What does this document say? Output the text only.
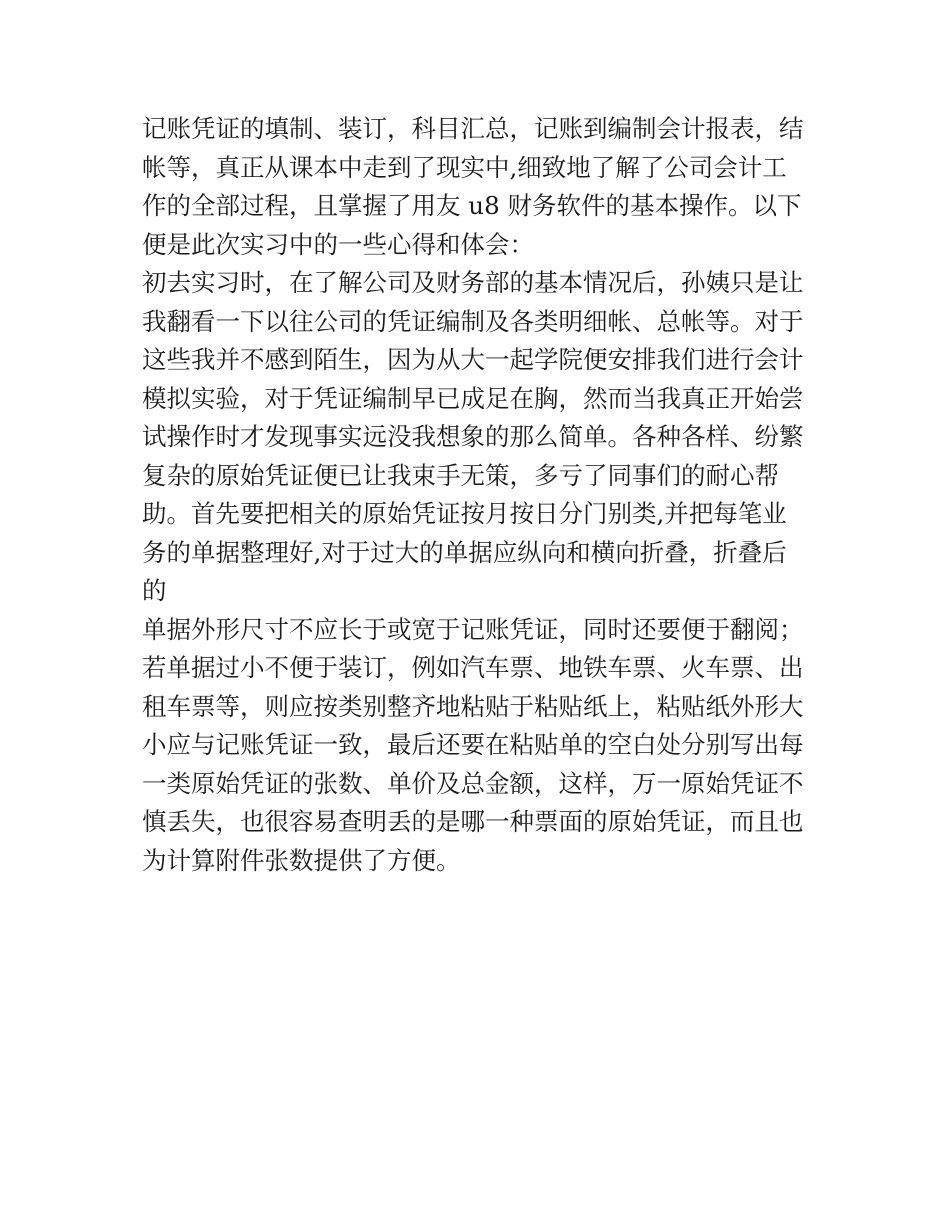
记账凭证的填制、装订，科目汇总，记账到编制会计报表，结

帐等，真正从课本中走到了现实中,细致地了解了公司会计工

作的全部过程，且掌握了用友 u8 财务软件的基本操作。以下

便是此次实习中的一些心得和体会：

初去实习时，在了解公司及财务部的基本情况后，孙姨只是让

我翻看一下以往公司的凭证编制及各类明细帐、总帐等。对于

这些我并不感到陌生，因为从大一起学院便安排我们进行会计

模拟实验，对于凭证编制早已成足在胸，然而当我真正开始尝

试操作时才发现事实远没我想象的那么简单。各种各样、纷繁

复杂的原始凭证便已让我束手无策，多亏了同事们的耐心帮

助。首先要把相关的原始凭证按月按日分门别类,并把每笔业

务的单据整理好,对于过大的单据应纵向和横向折叠，折叠后

的

单据外形尺寸不应长于或宽于记账凭证，同时还要便于翻阅；

若单据过小不便于装订，例如汽车票、地铁车票、火车票、出

租车票等，则应按类别整齐地粘贴于粘贴纸上，粘贴纸外形大

小应与记账凭证一致，最后还要在粘贴单的空白处分别写出每

一类原始凭证的张数、单价及总金额，这样，万一原始凭证不

慎丢失，也很容易查明丢的是哪一种票面的原始凭证，而且也

为计算附件张数提供了方便。
